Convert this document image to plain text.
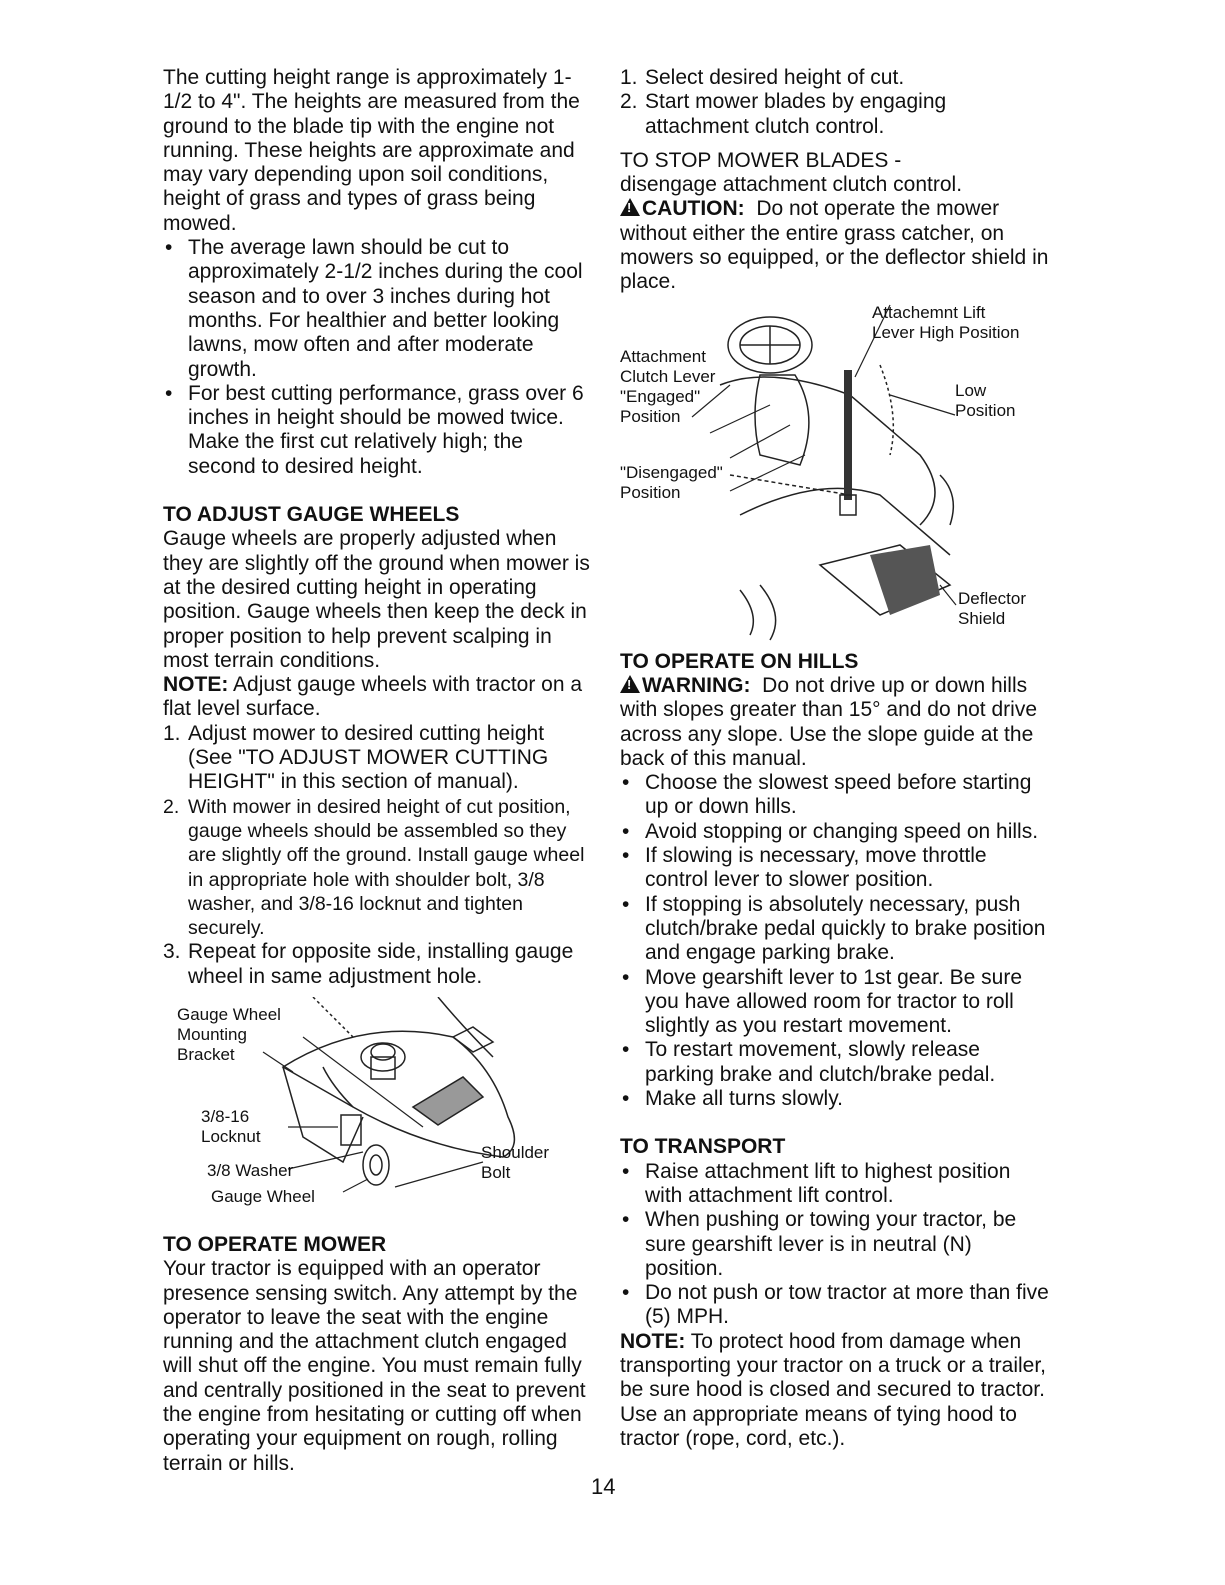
The cutting height range is approximately 1-1/2 to 4". The heights are measured from the ground to the blade tip with the engine not running. These heights are approximate and may vary depending upon soil conditions, height of grass and types of grass being mowed.

• The average lawn should be cut to approximately 2-1/2 inches during the cool season and to over 3 inches during hot months. For healthier and better looking lawns, mow often and after moderate growth.
• For best cutting performance, grass over 6 inches in height should be mowed twice. Make the first cut relatively high; the second to desired height.
TO ADJUST GAUGE WHEELS

Gauge wheels are properly adjusted when they are slightly off the ground when mower is at the desired cutting height in operating position. Gauge wheels then keep the deck in proper position to help prevent scalping in most terrain conditions.

NOTE: Adjust gauge wheels with tractor on a flat level surface.

1. Adjust mower to desired cutting height (See "TO ADJUST MOWER CUTTING HEIGHT" in this section of manual).
2. With mower in desired height of cut position, gauge wheels should be assembled so they are slightly off the ground. Install gauge wheel in appropriate hole with shoulder bolt, 3/8 washer, and 3/8-16 locknut and tighten securely.
3. Repeat for opposite side, installing gauge wheel in same adjustment hole.
Gauge Wheel
Mounting
Bracket
3/8-16
Locknut
3/8 Washer
Gauge Wheel
Shoulder
Bolt
TO OPERATE MOWER

Your tractor is equipped with an operator presence sensing switch. Any attempt by the operator to leave the seat with the engine running and the attachment clutch engaged will shut off the engine. You must remain fully and centrally positioned in the seat to prevent the engine from hesitating or cutting off when operating your equipment on rough, rolling terrain or hills.

1. Select desired height of cut.
2. Start mower blades by engaging attachment clutch control.

TO STOP MOWER BLADES -

disengage attachment clutch control.

!CAUTION: Do not operate the mower without either the entire grass catcher, on mowers so equipped, or the deflector shield in place.

Attachemnt Lift
Lever High Position
Attachment
Clutch Lever
"Engaged"
Position
Low
Position
"Disengaged"
Position
Deflector
Shield
TO OPERATE ON HILLS

!WARNING: Do not drive up or down hills with slopes greater than 15° and do not drive across any slope. Use the slope guide at the back of this manual.

• Choose the slowest speed before starting up or down hills.
• Avoid stopping or changing speed on hills.
• If slowing is necessary, move throttle control lever to slower position.
• If stopping is absolutely necessary, push clutch/brake pedal quickly to brake position and engage parking brake.
• Move gearshift lever to 1st gear. Be sure you have allowed room for tractor to roll slightly as you restart movement.
• To restart movement, slowly release parking brake and clutch/brake pedal.
• Make all turns slowly.
TO TRANSPORT
• Raise attachment lift to highest position with attachment lift control.
• When pushing or towing your tractor, be sure gearshift lever is in neutral (N) position.
• Do not push or tow tractor at more than five (5) MPH.

NOTE: To protect hood from damage when transporting your tractor on a truck or a trailer, be sure hood is closed and secured to tractor. Use an appropriate means of tying hood to tractor (rope, cord, etc.).

14
